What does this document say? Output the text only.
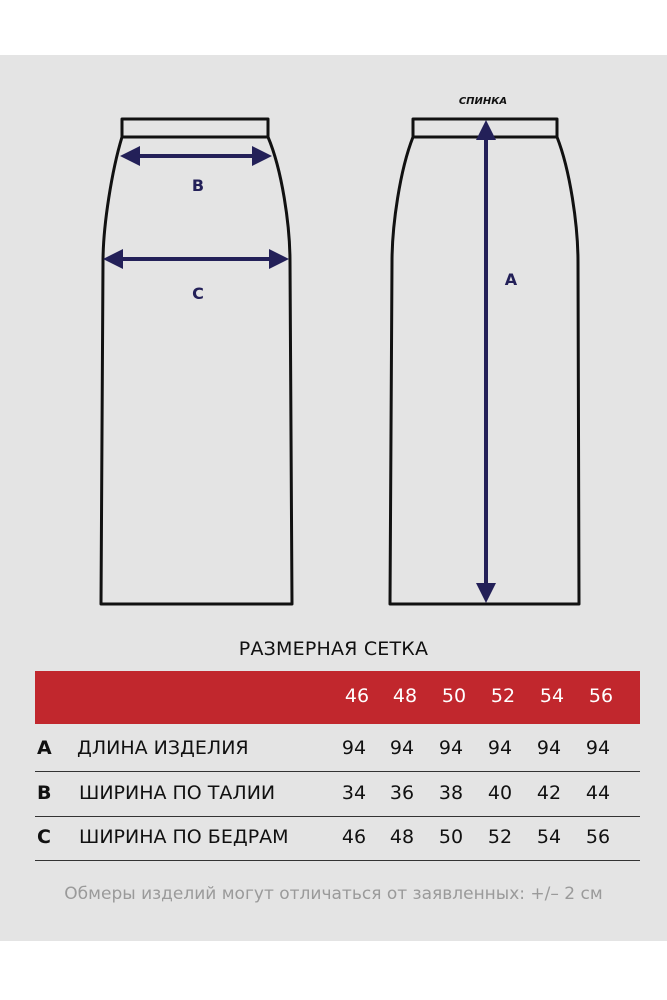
B
C
СПИНКА
A
РАЗМЕРНАЯ СЕТКА
46	48	50	52	54	56
A ДЛИНА ИЗДЕЛИЯ	94	94	94	94	94	94
B ШИРИНА ПО ТАЛИИ	34	36	38	40	42	44
C ШИРИНА ПО БЕДРАМ	46	48	50	52	54	56
Обмеры изделий могут отличаться от заявленных: +/– 2 см
